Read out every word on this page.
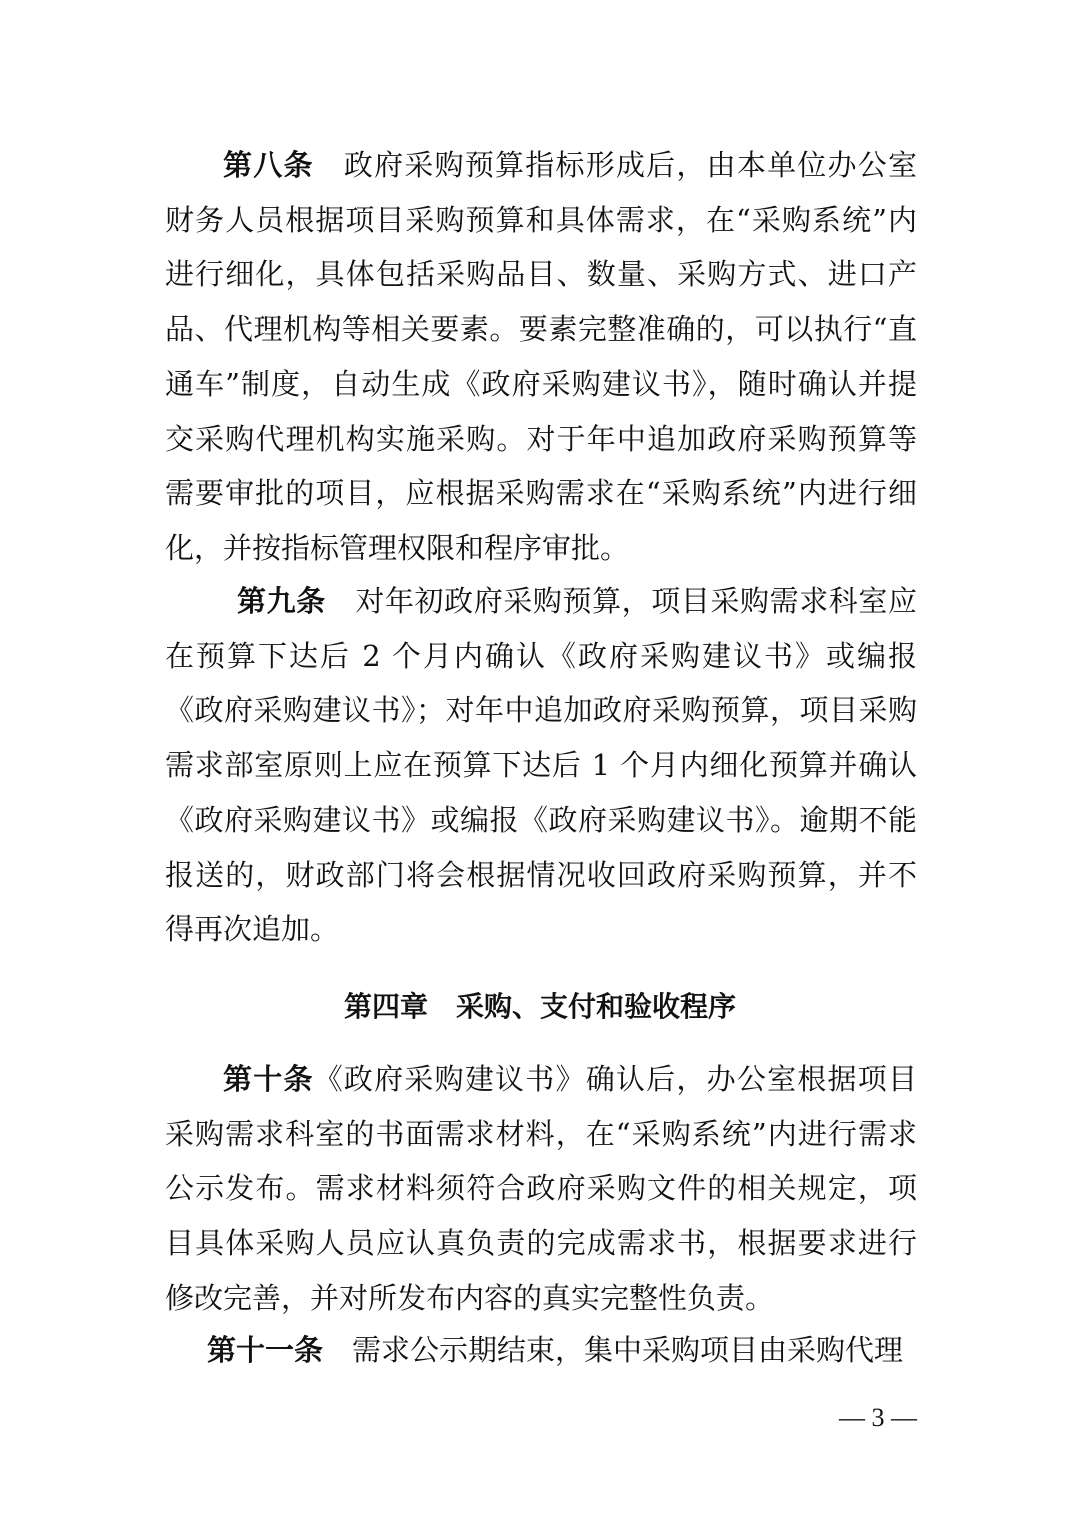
第八条 政府采购预算指标形成后，由本单位办公室财务人员根据项目采购预算和具体需求，在“采购系统”内进行细化，具体包括采购品目、数量、采购方式、进口产品、代理机构等相关要素。要素完整准确的，可以执行“直通车”制度，自动生成《政府采购建议书》，随时确认并提交采购代理机构实施采购。对于年中追加政府采购预算等需要审批的项目，应根据采购需求在“采购系统”内进行细化，并按指标管理权限和程序审批。

第九条 对年初政府采购预算，项目采购需求科室应在预算下达后 2 个月内确认《政府采购建议书》或编报《政府采购建议书》；对年中追加政府采购预算，项目采购需求部室原则上应在预算下达后 1 个月内细化预算并确认《政府采购建议书》或编报《政府采购建议书》。逾期不能报送的，财政部门将会根据情况收回政府采购预算，并不得再次追加。

第四章　采购、支付和验收程序

第十条《政府采购建议书》确认后，办公室根据项目采购需求科室的书面需求材料，在“采购系统”内进行需求公示发布。需求材料须符合政府采购文件的相关规定，项目具体采购人员应认真负责的完成需求书，根据要求进行修改完善，并对所发布内容的真实完整性负责。

第十一条 需求公示期结束，集中采购项目由采购代理

— 3 —
